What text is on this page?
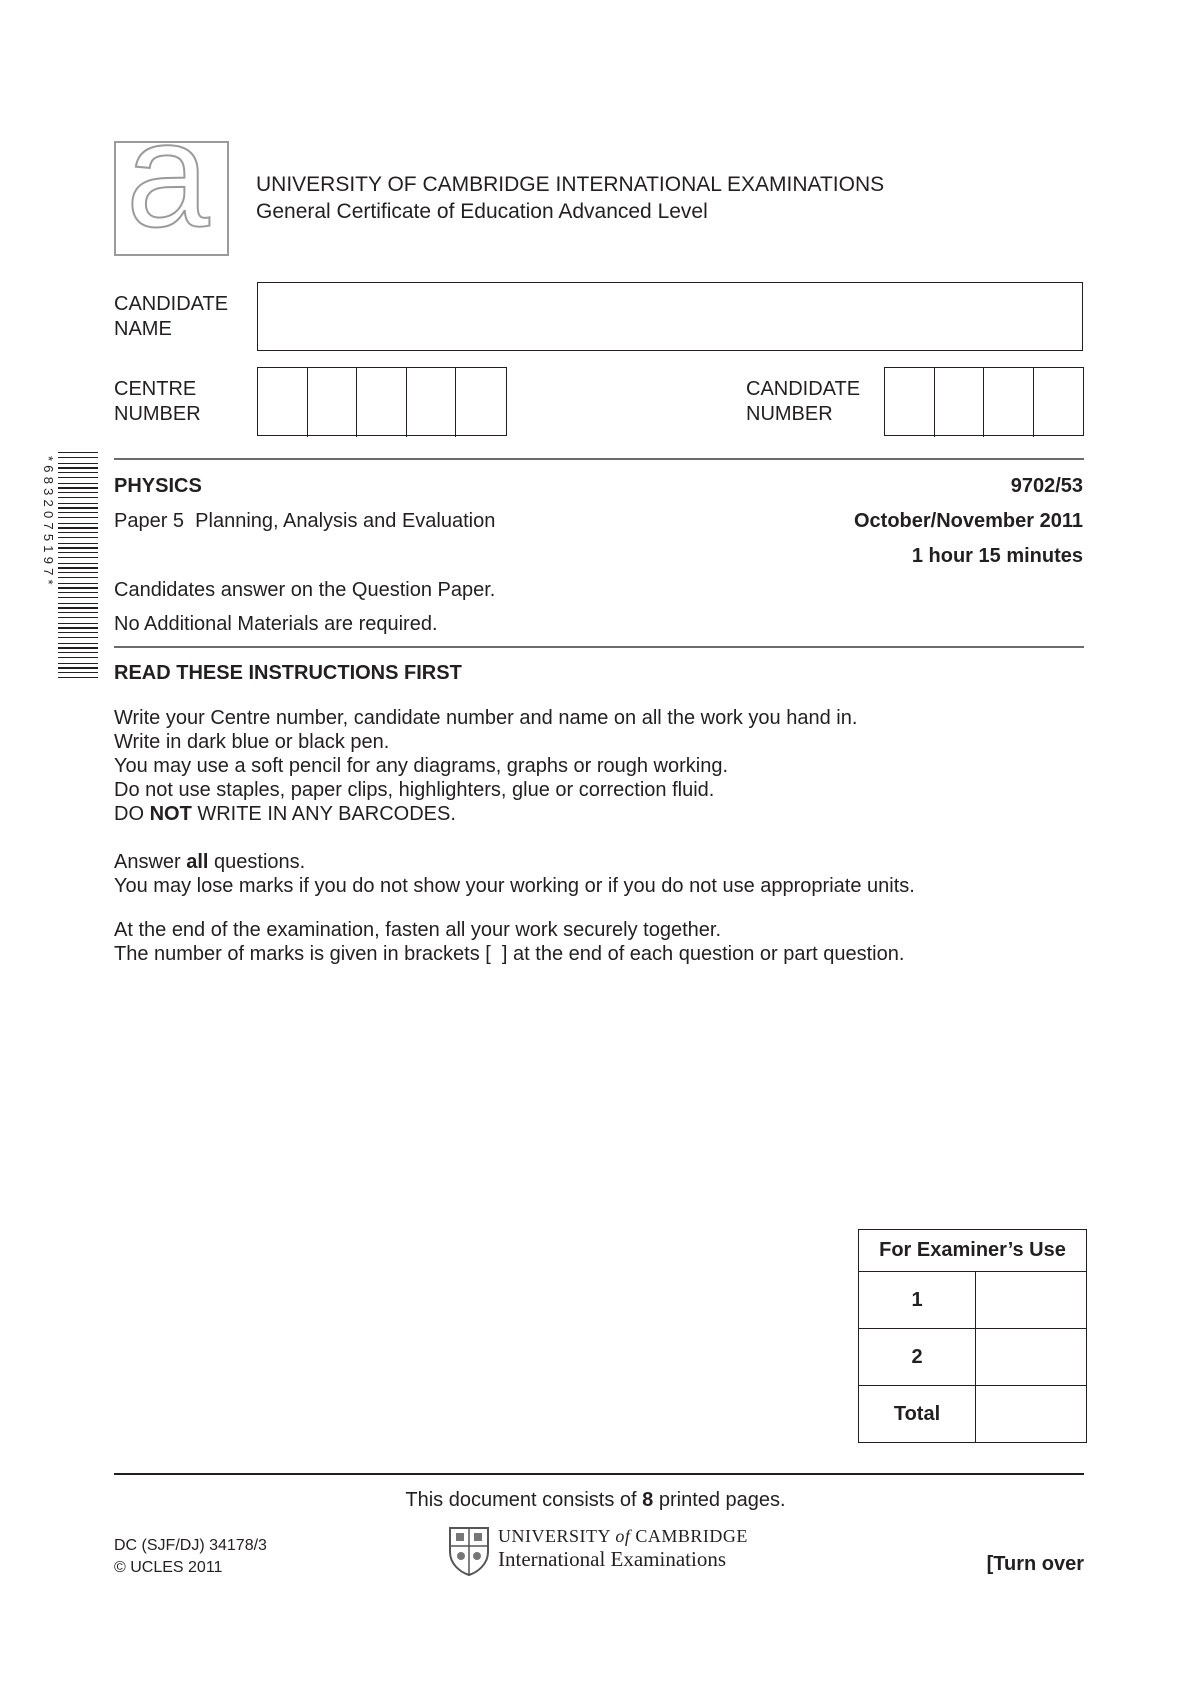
a UNIVERSITY OF CAMBRIDGE INTERNATIONAL EXAMINATIONS
General Certificate of Education Advanced Level
CANDIDATE
NAME
CENTRE
NUMBER
CANDIDATE
NUMBER
*6832075197*	PHYSICS	9702/53
Paper 5  Planning, Analysis and Evaluation	October/November 2011
1 hour 15 minutes
Candidates answer on the Question Paper.
No Additional Materials are required.
READ THESE INSTRUCTIONS FIRST
Write your Centre number, candidate number and name on all the work you hand in.
Write in dark blue or black pen.
You may use a soft pencil for any diagrams, graphs or rough working.
Do not use staples, paper clips, highlighters, glue or correction fluid.
DO NOT WRITE IN ANY BARCODES.
Answer all questions.
You may lose marks if you do not show your working or if you do not use appropriate units.
At the end of the examination, fasten all your work securely together.
The number of marks is given in brackets [  ] at the end of each question or part question.
For Examiner’s Use	
1	
2	
Total	
This document consists of 8 printed pages.
DC (SJF/DJ) 34178/3
© UCLES 2011
UNIVERSITY of CAMBRIDGE
International Examinations	[Turn over
